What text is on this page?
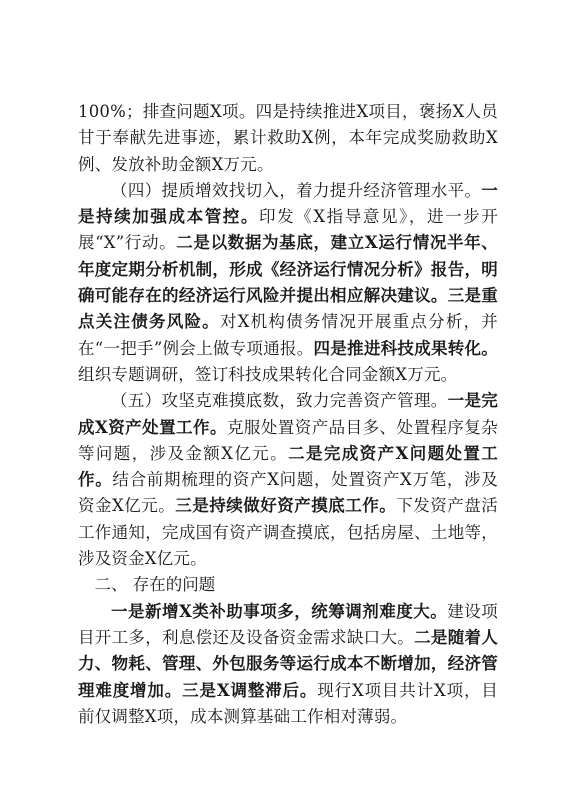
100%；排查问题X项。四是持续推进X项目，褒扬X人员甘于奉献先进事迹，累计救助X例，本年完成奖励救助X例、发放补助金额X万元。

（四）提质增效找切入，着力提升经济管理水平。一是持续加强成本管控。印发《X指导意见》，进一步开展“X”行动。二是以数据为基底，建立X运行情况半年、年度定期分析机制，形成《经济运行情况分析》报告，明确可能存在的经济运行风险并提出相应解决建议。三是重点关注债务风险。对X机构债务情况开展重点分析，并在“一把手”例会上做专项通报。四是推进科技成果转化。组织专题调研，签订科技成果转化合同金额X万元。

（五）攻坚克难摸底数，致力完善资产管理。一是完成X资产处置工作。克服处置资产品目多、处置程序复杂等问题，涉及金额X亿元。二是完成资产X问题处置工作。结合前期梳理的资产X问题，处置资产X万笔，涉及资金X亿元。三是持续做好资产摸底工作。下发资产盘活工作通知，完成国有资产调查摸底，包括房屋、土地等，涉及资金X亿元。

二、 存在的问题

一是新增X类补助事项多，统筹调剂难度大。建设项目开工多，利息偿还及设备资金需求缺口大。二是随着人力、物耗、管理、外包服务等运行成本不断增加，经济管理难度增加。三是X调整滞后。现行X项目共计X项，目前仅调整X项，成本测算基础工作相对薄弱。
